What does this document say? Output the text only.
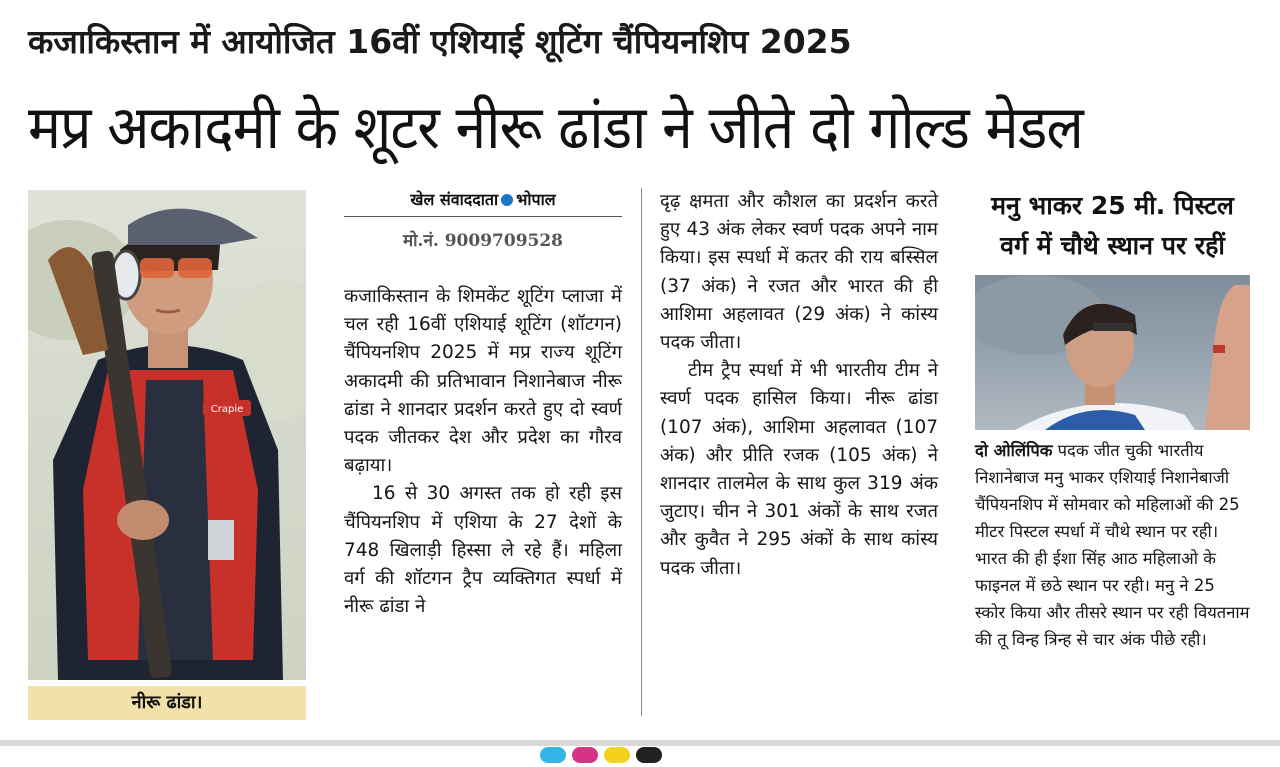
कजाकिस्तान में आयोजित 16वीं एशियाई शूटिंग चैंपियनशिप 2025
मप्र अकादमी के शूटर नीरू ढांडा ने जीते दो गोल्ड मेडल
Crapie
नीरू ढांडा।
खेल संवाददाता भोपाल
मो.नं. 9009709528

कजाकिस्तान के शिमकेंट शूटिंग प्लाजा में चल रही 16वीं एशियाई शूटिंग (शॉटगन) चैंपियनशिप 2025 में मप्र राज्य शूटिंग अकादमी की प्रतिभावान निशानेबाज नीरू ढांडा ने शानदार प्रदर्शन करते हुए दो स्वर्ण पदक जीतकर देश और प्रदेश का गौरव बढ़ाया।

16 से 30 अगस्त तक हो रही इस चैंपियनशिप में एशिया के 27 देशों के 748 खिलाड़ी हिस्सा ले रहे हैं। महिला वर्ग की शॉटगन ट्रैप व्यक्तिगत स्पर्धा में नीरू ढांडा ने

दृढ़ क्षमता और कौशल का प्रदर्शन करते हुए 43 अंक लेकर स्वर्ण पदक अपने नाम किया। इस स्पर्धा में कतर की राय बस्सिल (37 अंक) ने रजत और भारत की ही आशिमा अहलावत (29 अंक) ने कांस्य पदक जीता।

टीम ट्रैप स्पर्धा में भी भारतीय टीम ने स्वर्ण पदक हासिल किया। नीरू ढांडा (107 अंक), आशिमा अहलावत (107 अंक) और प्रीति रजक (105 अंक) ने शानदार तालमेल के साथ कुल 319 अंक जुटाए। चीन ने 301 अंकों के साथ रजत और कुवैत ने 295 अंकों के साथ कांस्य पदक जीता।

मनु भाकर 25 मी. पिस्टल
वर्ग में चौथे स्थान पर रहीं
दो ओलिंपिक पदक जीत चुकी भारतीय निशानेबाज मनु भाकर एशियाई निशानेबाजी चैंपियनशिप में सोमवार को महिलाओं की 25 मीटर पिस्टल स्पर्धा में चौथे स्थान पर रही। भारत की ही ईशा सिंह आठ महिलाओ के फाइनल में छठे स्थान पर रही। मनु ने 25 स्कोर किया और तीसरे स्थान पर रही वियतनाम की तू विन्ह त्रिन्ह से चार अंक पीछे रही।
